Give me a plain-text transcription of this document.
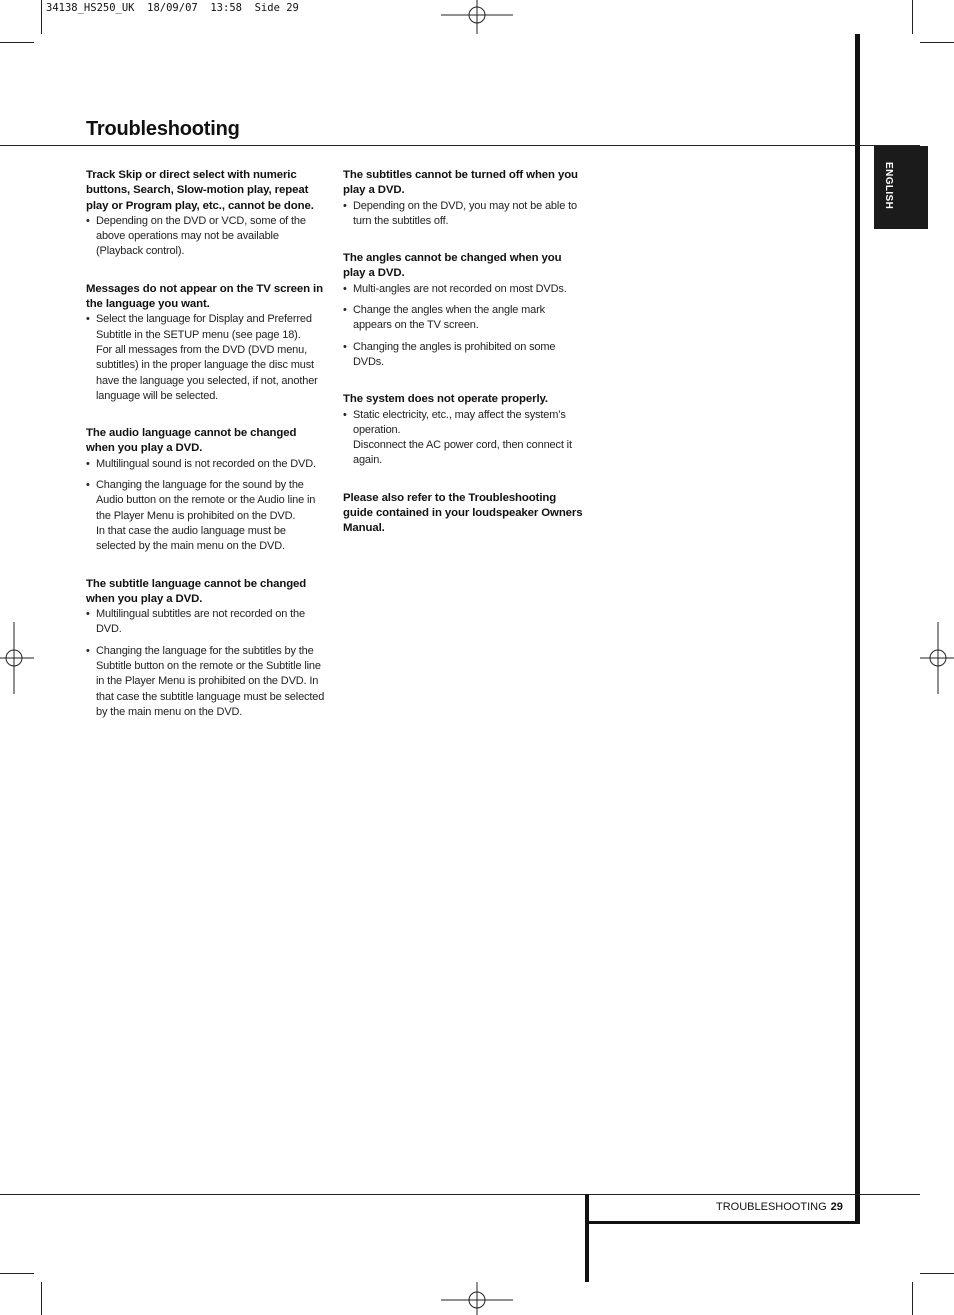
34138_HS250_UK  18/09/07  13:58  Side 29
ENGLISH
Troubleshooting

Track Skip or direct select with numeric buttons, Search, Slow-motion play, repeat play or Program play, etc., cannot be done.

• Depending on the DVD or VCD, some of the above operations may not be available (Playback control).

Messages do not appear on the TV screen in the language you want.

• Select the language for Display and Preferred Subtitle in the SETUP menu (see page 18).
For all messages from the DVD (DVD menu, subtitles) in the proper language the disc must have the language you selected, if not, another language will be selected.

The audio language cannot be changed when you play a DVD.

• Multilingual sound is not recorded on the DVD.
• Changing the language for the sound by the Audio button on the remote or the Audio line in the Player Menu is prohibited on the DVD.
In that case the audio language must be selected by the main menu on the DVD.

The subtitle language cannot be changed when you play a DVD.

• Multilingual subtitles are not recorded on the DVD.
• Changing the language for the subtitles by the Subtitle button on the remote or the Subtitle line in the Player Menu is prohibited on the DVD. In that case the subtitle language must be selected by the main menu on the DVD.

The subtitles cannot be turned off when you play a DVD.

• Depending on the DVD, you may not be able to turn the subtitles off.

The angles cannot be changed when you play a DVD.

• Multi-angles are not recorded on most DVDs.
• Change the angles when the angle mark appears on the TV screen.
• Changing the angles is prohibited on some DVDs.

The system does not operate properly.

• Static electricity, etc., may affect the system’s operation.
Disconnect the AC power cord, then connect it again.

Please also refer to the Troubleshooting guide contained in your loudspeaker Owners Manual.

TROUBLESHOOTING 29
